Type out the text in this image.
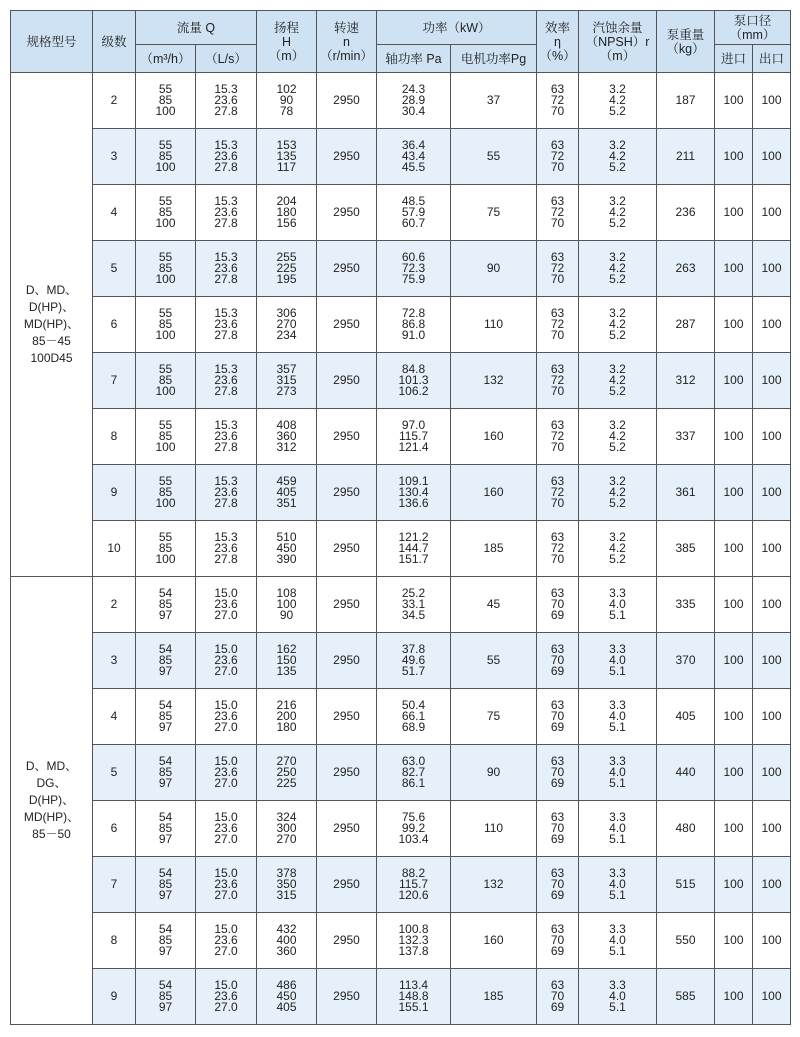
规格型号	级数	流量 Q		扬程
H
（m）	转速
n
（r/min）	功率（kW）		效率
η
（%）	汽蚀余量
（NPSH）r
（m）	泵重量
（kg）	泵口径（mm）	
		（m³/h）	（L/s）			轴功率 Pa	电机功率Pg				进口	出口

D、MD、
D(HP)、
MD(HP)、
85－45
100D45	2	55
85
100	15.3
23.6
27.8	102
90
78	2950	24.3
28.9
30.4	37	63
72
70	3.2
4.2
5.2	187	100	100
	3	55
85
100	15.3
23.6
27.8	153
135
117	2950	36.4
43.4
45.5	55	63
72
70	3.2
4.2
5.2	211	100	100
	4	55
85
100	15.3
23.6
27.8	204
180
156	2950	48.5
57.9
60.7	75	63
72
70	3.2
4.2
5.2	236	100	100
	5	55
85
100	15.3
23.6
27.8	255
225
195	2950	60.6
72.3
75.9	90	63
72
70	3.2
4.2
5.2	263	100	100
	6	55
85
100	15.3
23.6
27.8	306
270
234	2950	72.8
86.8
91.0	110	63
72
70	3.2
4.2
5.2	287	100	100
	7	55
85
100	15.3
23.6
27.8	357
315
273	2950	84.8
101.3
106.2	132	63
72
70	3.2
4.2
5.2	312	100	100
	8	55
85
100	15.3
23.6
27.8	408
360
312	2950	97.0
115.7
121.4	160	63
72
70	3.2
4.2
5.2	337	100	100
	9	55
85
100	15.3
23.6
27.8	459
405
351	2950	109.1
130.4
136.6	160	63
72
70	3.2
4.2
5.2	361	100	100
	10	55
85
100	15.3
23.6
27.8	510
450
390	2950	121.2
144.7
151.7	185	63
72
70	3.2
4.2
5.2	385	100	100

D、MD、DG、
D(HP)、
MD(HP)、
85－50	2	54
85
97	15.0
23.6
27.0	108
100
90	2950	25.2
33.1
34.5	45	63
70
69	3.3
4.0
5.1	335	100	100
	3	54
85
97	15.0
23.6
27.0	162
150
135	2950	37.8
49.6
51.7	55	63
70
69	3.3
4.0
5.1	370	100	100
	4	54
85
97	15.0
23.6
27.0	216
200
180	2950	50.4
66.1
68.9	75	63
70
69	3.3
4.0
5.1	405	100	100
	5	54
85
97	15.0
23.6
27.0	270
250
225	2950	63.0
82.7
86.1	90	63
70
69	3.3
4.0
5.1	440	100	100
	6	54
85
97	15.0
23.6
27.0	324
300
270	2950	75.6
99.2
103.4	110	63
70
69	3.3
4.0
5.1	480	100	100
	7	54
85
97	15.0
23.6
27.0	378
350
315	2950	88.2
115.7
120.6	132	63
70
69	3.3
4.0
5.1	515	100	100
	8	54
85
97	15.0
23.6
27.0	432
400
360	2950	100.8
132.3
137.8	160	63
70
69	3.3
4.0
5.1	550	100	100
	9	54
85
97	15.0
23.6
27.0	486
450
405	2950	113.4
148.8
155.1	185	63
70
69	3.3
4.0
5.1	585	100	100
